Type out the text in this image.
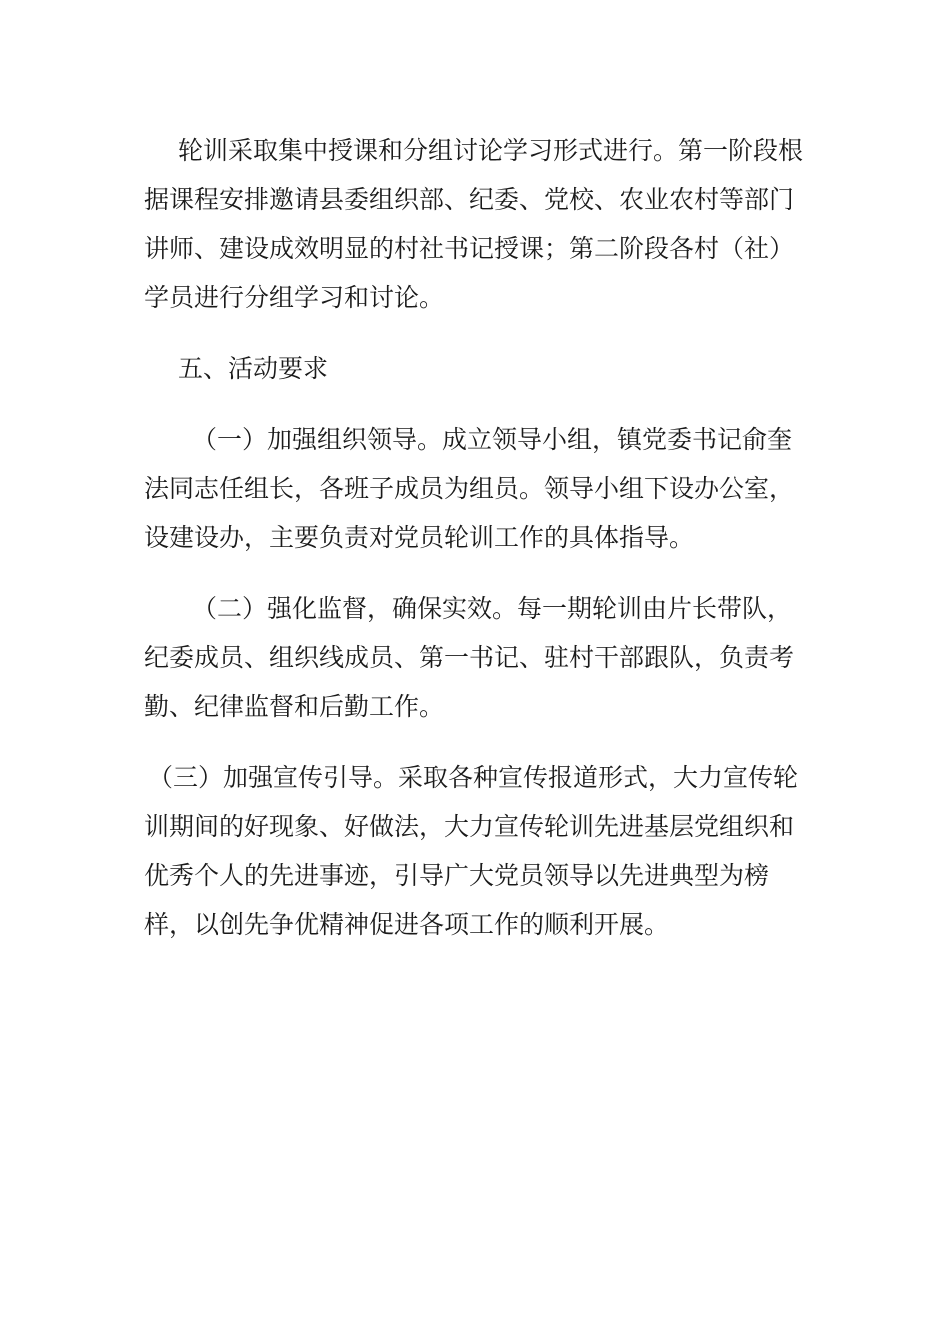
轮训采取集中授课和分组讨论学习形式进行。第一阶段根据课程安排邀请县委组织部、纪委、党校、农业农村等部门讲师、建设成效明显的村社书记授课；第二阶段各村（社）学员进行分组学习和讨论。

五、活动要求

（一）加强组织领导。成立领导小组，镇党委书记俞奎法同志任组长，各班子成员为组员。领导小组下设办公室，设建设办，主要负责对党员轮训工作的具体指导。

（二）强化监督，确保实效。每一期轮训由片长带队，纪委成员、组织线成员、第一书记、驻村干部跟队，负责考勤、纪律监督和后勤工作。

（三）加强宣传引导。采取各种宣传报道形式，大力宣传轮训期间的好现象、好做法，大力宣传轮训先进基层党组织和优秀个人的先进事迹，引导广大党员领导以先进典型为榜样，以创先争优精神促进各项工作的顺利开展。
